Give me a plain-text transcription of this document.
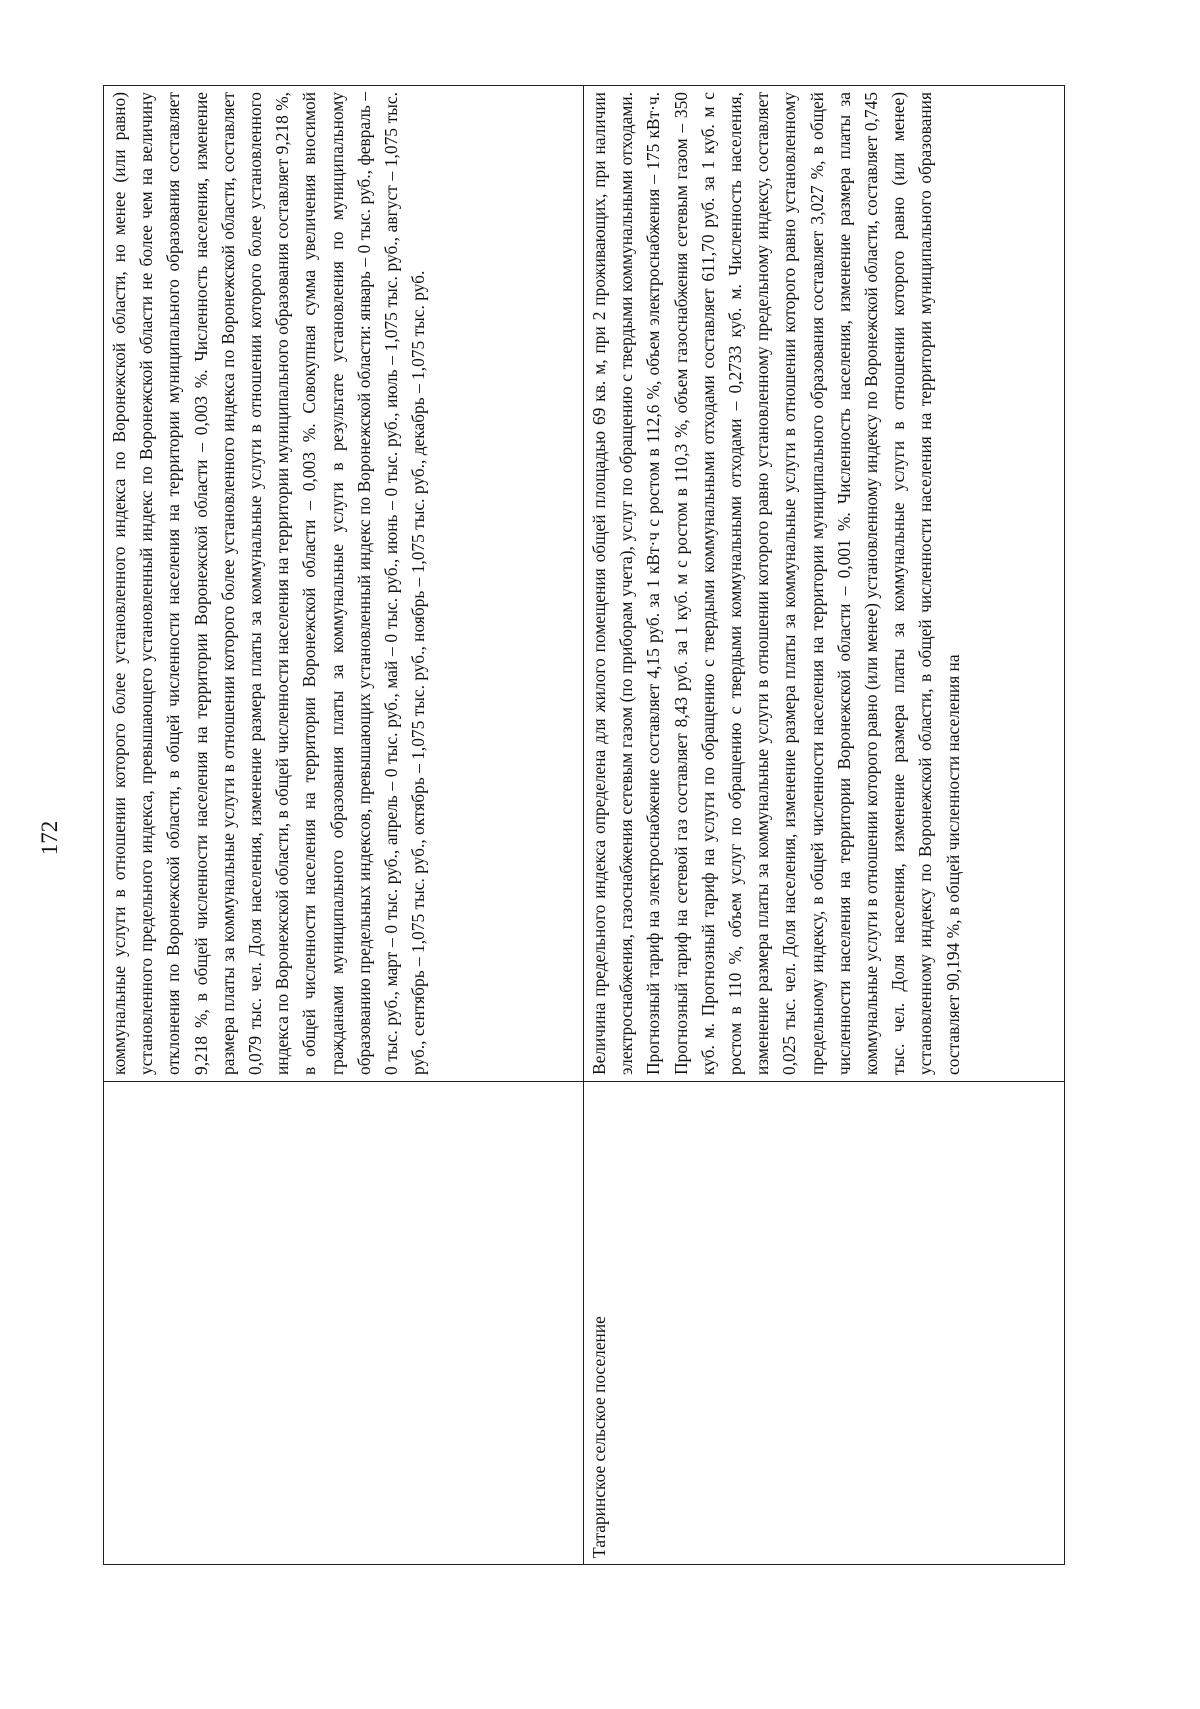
172

	коммунальные услуги в отношении которого более установленного индекса по Воронежской области, но менее (или равно) установленного предельного индекса, превышающего установленный индекс по Воронежской области не более чем на величину отклонения по Воронежской области, в общей численности населения на территории муниципального образования составляет 9,218 %, в общей численности населения на территории Воронежской области – 0,003 %. Численность населения, изменение размера платы за коммунальные услуги в отношении которого более установленного индекса по Воронежской области, составляет 0,079 тыс. чел. Доля населения, изменение размера платы за коммунальные услуги в отношении которого более установленного индекса по Воронежской области, в общей численности населения на территории муниципального образования составляет 9,218 %, в общей численности населения на территории Воронежской области – 0,003 %. Совокупная сумма увеличения вносимой гражданами муниципального образования платы за коммунальные услуги в результате установления по муниципальному образованию предельных индексов, превышающих установленный индекс по Воронежской области: январь – 0 тыс. руб., февраль – 0 тыс. руб., март – 0 тыс. руб., апрель – 0 тыс. руб., май – 0 тыс. руб., июнь – 0 тыс. руб., июль – 1,075 тыс. руб., август – 1,075 тыс. руб., сентябрь – 1,075 тыс. руб., октябрь – 1,075 тыс. руб., ноябрь – 1,075 тыс. руб., декабрь – 1,075 тыс. руб.

Татаринское сельское поселение	Величина предельного индекса определена для жилого помещения общей площадью 69 кв. м, при 2 проживающих, при наличии электроснабжения, газоснабжения сетевым газом (по приборам учета), услуг по обращению с твердыми коммунальными отходами. Прогнозный тариф на электроснабжение составляет 4,15 руб. за 1 кВт·ч с ростом в 112,6 %, объем электроснабжения – 175 кВт·ч. Прогнозный тариф на сетевой газ составляет 8,43 руб. за 1 куб. м с ростом в 110,3 %, объем газоснабжения сетевым газом – 350 куб. м. Прогнозный тариф на услуги по обращению с твердыми коммунальными отходами составляет 611,70 руб. за 1 куб. м с ростом в 110 %, объем услуг по обращению с твердыми коммунальными отходами – 0,2733 куб. м. Численность населения, изменение размера платы за коммунальные услуги в отношении которого равно установленному предельному индексу, составляет 0,025 тыс. чел. Доля населения, изменение размера платы за коммунальные услуги в отношении которого равно установленному предельному индексу, в общей численности населения на территории муниципального образования составляет 3,027 %, в общей численности населения на территории Воронежской области – 0,001 %. Численность населения, изменение размера платы за коммунальные услуги в отношении которого равно (или менее) установленному индексу по Воронежской области, составляет 0,745 тыс. чел. Доля населения, изменение размера платы за коммунальные услуги в отношении которого равно (или менее) установленному индексу по Воронежской области, в общей численности населения на территории муниципального образования составляет 90,194 %, в общей численности населения на
